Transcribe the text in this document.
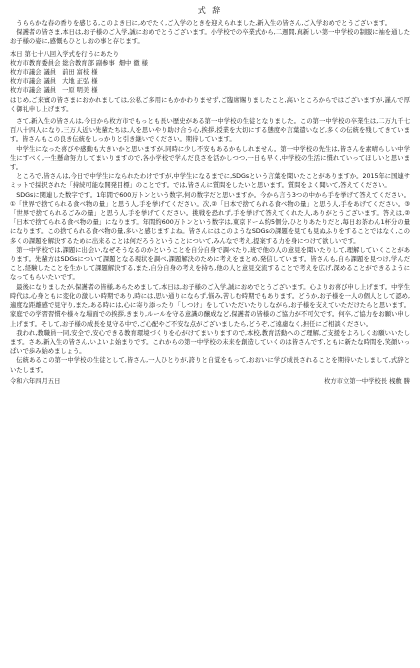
式 辞

うららかな春の香りを感じる,このよき日に,めでたく,ご入学のときを迎えられました,新入生の皆さん,ご入学おめでとうございます。

保護者の皆さま,本日は,お子様のご入学,誠におめでとうございます。小学校での卒業式から,二週間,真新しい第一中学校の制服に袖を通したお子様の姿に,感慨もひとしおの事と存じます。

本日 第七十八回入学式を行うにあたり

枚方市教育委員会 総合教育部 副参事  畑中 徹 様

枚方市議会 議員   前田 富枝 様

枚方市議会 議員   大地 正弘 様

枚方市議会 議員   一原 明美 様

はじめ,ご来賓の皆さまにおかれましては,公私ご多用にもかかわりませず,ご臨席賜りましたこと,高いところからではございますが,謹んで厚く御礼申し上げます。

さて,新入生の皆さんは,今日から枚方市でもっとも長い歴史がある第一中学校の生徒となりました。この第一中学校の卒業生は,二万九千七百八十四人になり,三万人近い先輩たちは,人を思いやり助け合う心,挨拶,授業を大切にする態度や言葉遣いなど,多くの伝統を残してきています。皆さんもこの良き伝統をしっかりと引き継いでください。期待しています。

中学生になった喜びや感動も大きいかと思いますが,同時に少し不安もあるかもしれません。第一中学校の先生は,皆さんを素晴らしい中学生にすべく,一生懸命努力してまいりますので,各小学校で学んだ良さを活かしつつ,一日も早く,中学校の生活に慣れていってほしいと思います。

ところで,皆さんは,今日で中学生になられたわけですが,中学生になるまでに,SDGsという言葉を聞いたことがありますか。2015年に国連サミットで採択された「持続可能な開発目標」のことです。では,皆さんに質問をしたいと思います。質問をよく聞いて,答えてください。

SDGsに関連した数字です。1年間で600万トンという数字,何の数字だと思いますか。今から言う3つの中から手を挙げて答えてください。①「世界で捨てられる食べ物の量」と思う人,手を挙げてください。次,②「日本で捨てられる食べ物の量」と思う人,手をあげてください。③「世界で捨てられるごみの量」と思う人,手を挙げてください。挑戦を恐れず,手を挙げて答えてくれた人,ありがとうございます。答えは,②「日本で捨てられる食べ物の量」になります。年間約600万トンという数字は,東京ドーム約5個分,ひとりあたりだと,毎日お茶わん1杯分の量になります。この捨てられる食べ物の量,多いと感じますよね。皆さんにはこのようなSDGsの課題を見ても見ぬふりをすることではなく,この多くの課題を解決するために出来ることは何だろうということについて,みんなで考え,提案する力を身につけて欲しいです。

第一中学校では,課題に出会い,なぜそうなるのかということを自分自身で調べたり,班で他の人の意見を聞いたりして,理解していくことがあります。先輩方はSDGsについて課題となる現状を調べ,課題解決のために考えをまとめ,発信しています。皆さんも,自ら課題を見つけ,学んだこと,経験したことを生かして課題解決する,また,自分自身の考えを持ち,他の人と意見交流することで考えを広げ,深めることができるようになってもらいたいです。

最後になりましたが,保護者の皆様,あらためまして,本日は,お子様のご入学,誠におめでとうございます。心よりお喜び申し上げます。中学生時代は,心身ともに変化の激しい時期であり,時には,思い通りにならず,悩み,苦しむ時期でもあります。どうか,お子様を一人の個人として認め,適度な距離感で見守り,また,ある時には,心に寄り添ったり「しつけ」をしていただいたりしながら,お子様を支えていただけたらと思います。家庭での学習習慣や様々な場面での挨拶,きまり,ルールを守る意識の醸成など,保護者の皆様のご協力が不可欠です。何卒,ご協力をお願い申し上げます。そして,お子様の成長を見守る中で,ご心配やご不安な点がございましたら,どうぞ,ご遠慮なく,担任にご相談ください。

我われ,教職員一同,安全で,安心できる教育環境づくりを心がけてまいりますので,本校,教育活動へのご理解,ご支援をよろしくお願いいたします。さあ,新入生の皆さん,いよいよ始まりです。これからの第一中学校の未来を創造していくのは皆さんです,ともに新たな時間を,笑顔いっぱいで歩み始めましょう。

伝統あるこの第一中学校の生徒として,皆さん,一人ひとりが,誇りと自覚をもって,おおいに学び成長されることを期待いたしまして,式辞といたします。

令和六年四月五日	枚方市立第一中学校長 桟敷 勝
